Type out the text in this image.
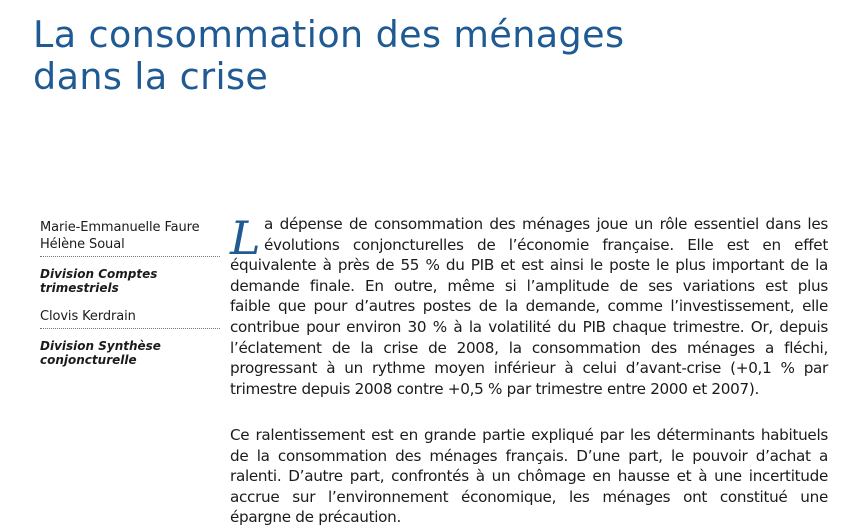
La consommation des ménages
dans la crise
Marie-Emmanuelle Faure
Hélène Soual
Division Comptes
trimestriels
Clovis Kerdrain
Division Synthèse
conjoncturelle
L a dépense de consommation des ménages joue un rôle essentiel dans les
évolutions conjoncturelles de l’économie française. Elle est en effet
équivalente à près de 55 % du PIB et est ainsi le poste le plus important de la
demande finale. En outre, même si l’amplitude de ses variations est plus
faible que pour d’autres postes de la demande, comme l’investissement, elle
contribue pour environ 30 % à la volatilité du PIB chaque trimestre. Or, depuis
l’éclatement de la crise de 2008, la consommation des ménages a fléchi,
progressant à un rythme moyen inférieur à celui d’avant-crise (+0,1 % par
trimestre depuis 2008 contre +0,5 % par trimestre entre 2000 et 2007).
Ce ralentissement est en grande partie expliqué par les déterminants habituels
de la consommation des ménages français. D’une part, le pouvoir d’achat a
ralenti. D’autre part, confrontés à un chômage en hausse et à une incertitude
accrue sur l’environnement économique, les ménages ont constitué une
épargne de précaution.
